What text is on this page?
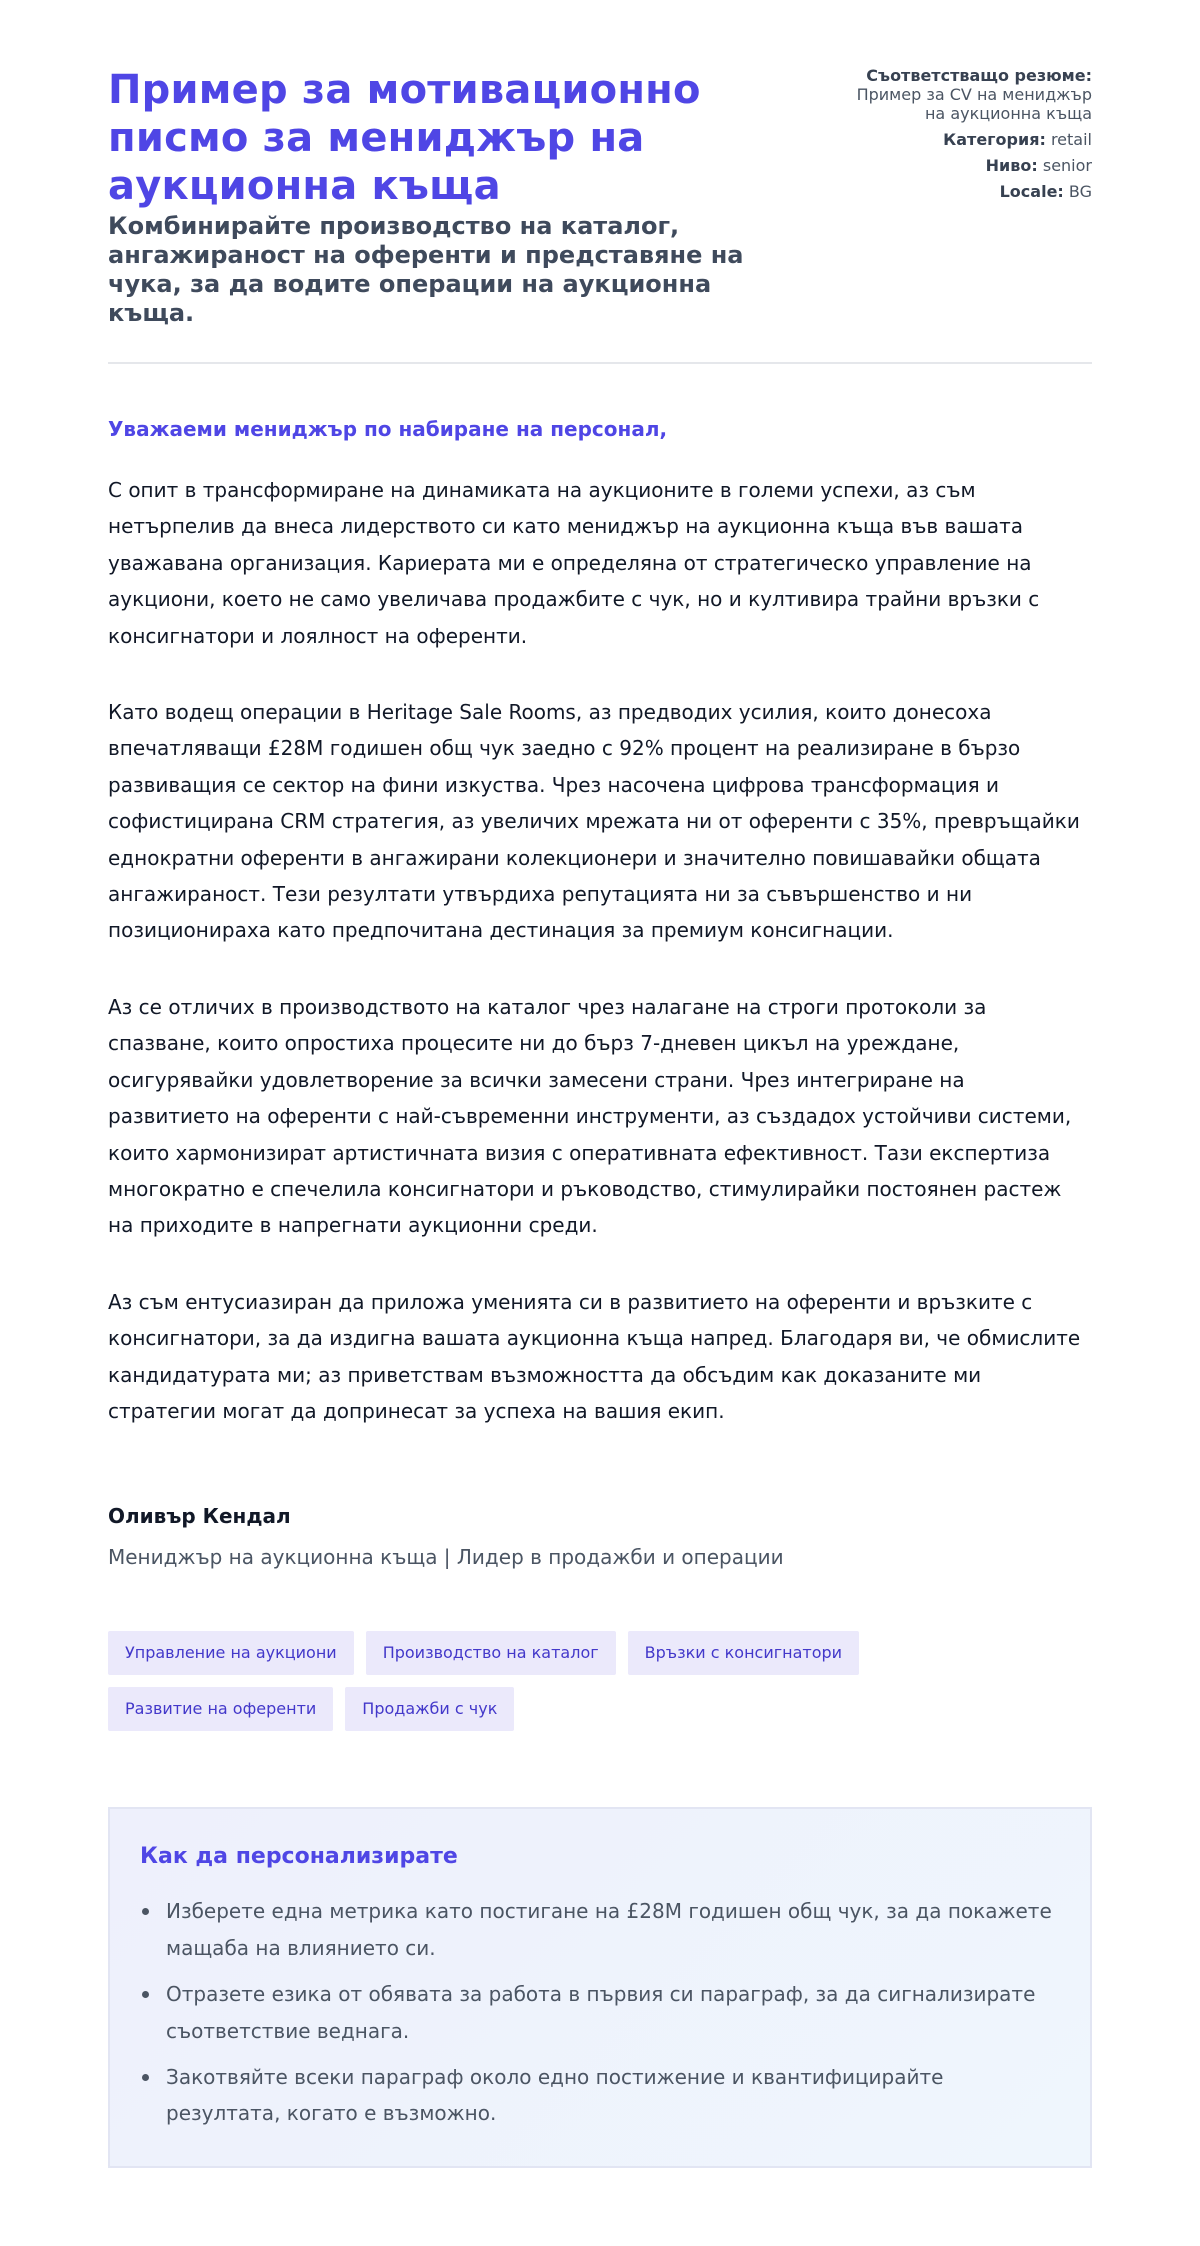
Пример за мотивационно писмо за мениджър на аукционна къща
Комбинирайте производство на каталог, ангажираност на оференти и представяне на чука, за да водите операции на аукционна къща.
Съответстващо резюме: Пример за CV на мениджър на аукционна къща
Категория: retail
Ниво: senior
Locale: BG

Уважаеми мениджър по набиране на персонал,

С опит в трансформиране на динамиката на аукционите в големи успехи, аз съм нетърпелив да внеса лидерството си като мениджър на аукционна къща във вашата уважавана организация. Кариерата ми е определяна от стратегическо управление на аукциони, което не само увеличава продажбите с чук, но и култивира трайни връзки с консигнатори и лоялност на оференти.

Като водещ операции в Heritage Sale Rooms, аз предводих усилия, които донесоха впечатляващи £28M годишен общ чук заедно с 92% процент на реализиране в бързо развиващия се сектор на фини изкуства. Чрез насочена цифрова трансформация и софистицирана CRM стратегия, аз увеличих мрежата ни от оференти с 35%, превръщайки еднократни оференти в ангажирани колекционери и значително повишавайки общата ангажираност. Тези резултати утвърдиха репутацията ни за съвършенство и ни позиционираха като предпочитана дестинация за премиум консигнации.

Аз се отличих в производството на каталог чрез налагане на строги протоколи за спазване, които опростиха процесите ни до бърз 7-дневен цикъл на уреждане, осигурявайки удовлетворение за всички замесени страни. Чрез интегриране на развитието на оференти с най-съвременни инструменти, аз създадох устойчиви системи, които хармонизират артистичната визия с оперативната ефективност. Тази експертиза многократно е спечелила консигнатори и ръководство, стимулирайки постоянен растеж на приходите в напрегнати аукционни среди.

Аз съм ентусиазиран да приложа уменията си в развитието на оференти и връзките с консигнатори, за да издигна вашата аукционна къща напред. Благодаря ви, че обмислите кандидатурата ми; аз приветствам възможността да обсъдим как доказаните ми стратегии могат да допринесат за успеха на вашия екип.

Оливър Кендал
Мениджър на аукционна къща | Лидер в продажби и операции
Управление на аукциони	Производство на каталог	Връзки с консигнатори
Развитие на оференти	Продажби с чук
Как да персонализирате
Изберете една метрика като постигане на £28M годишен общ чук, за да покажете мащаба на влиянието си.
Отразете езика от обявата за работа в първия си параграф, за да сигнализирате съответствие веднага.
Закотвяйте всеки параграф около едно постижение и квантифицирайте резултата, когато е възможно.
